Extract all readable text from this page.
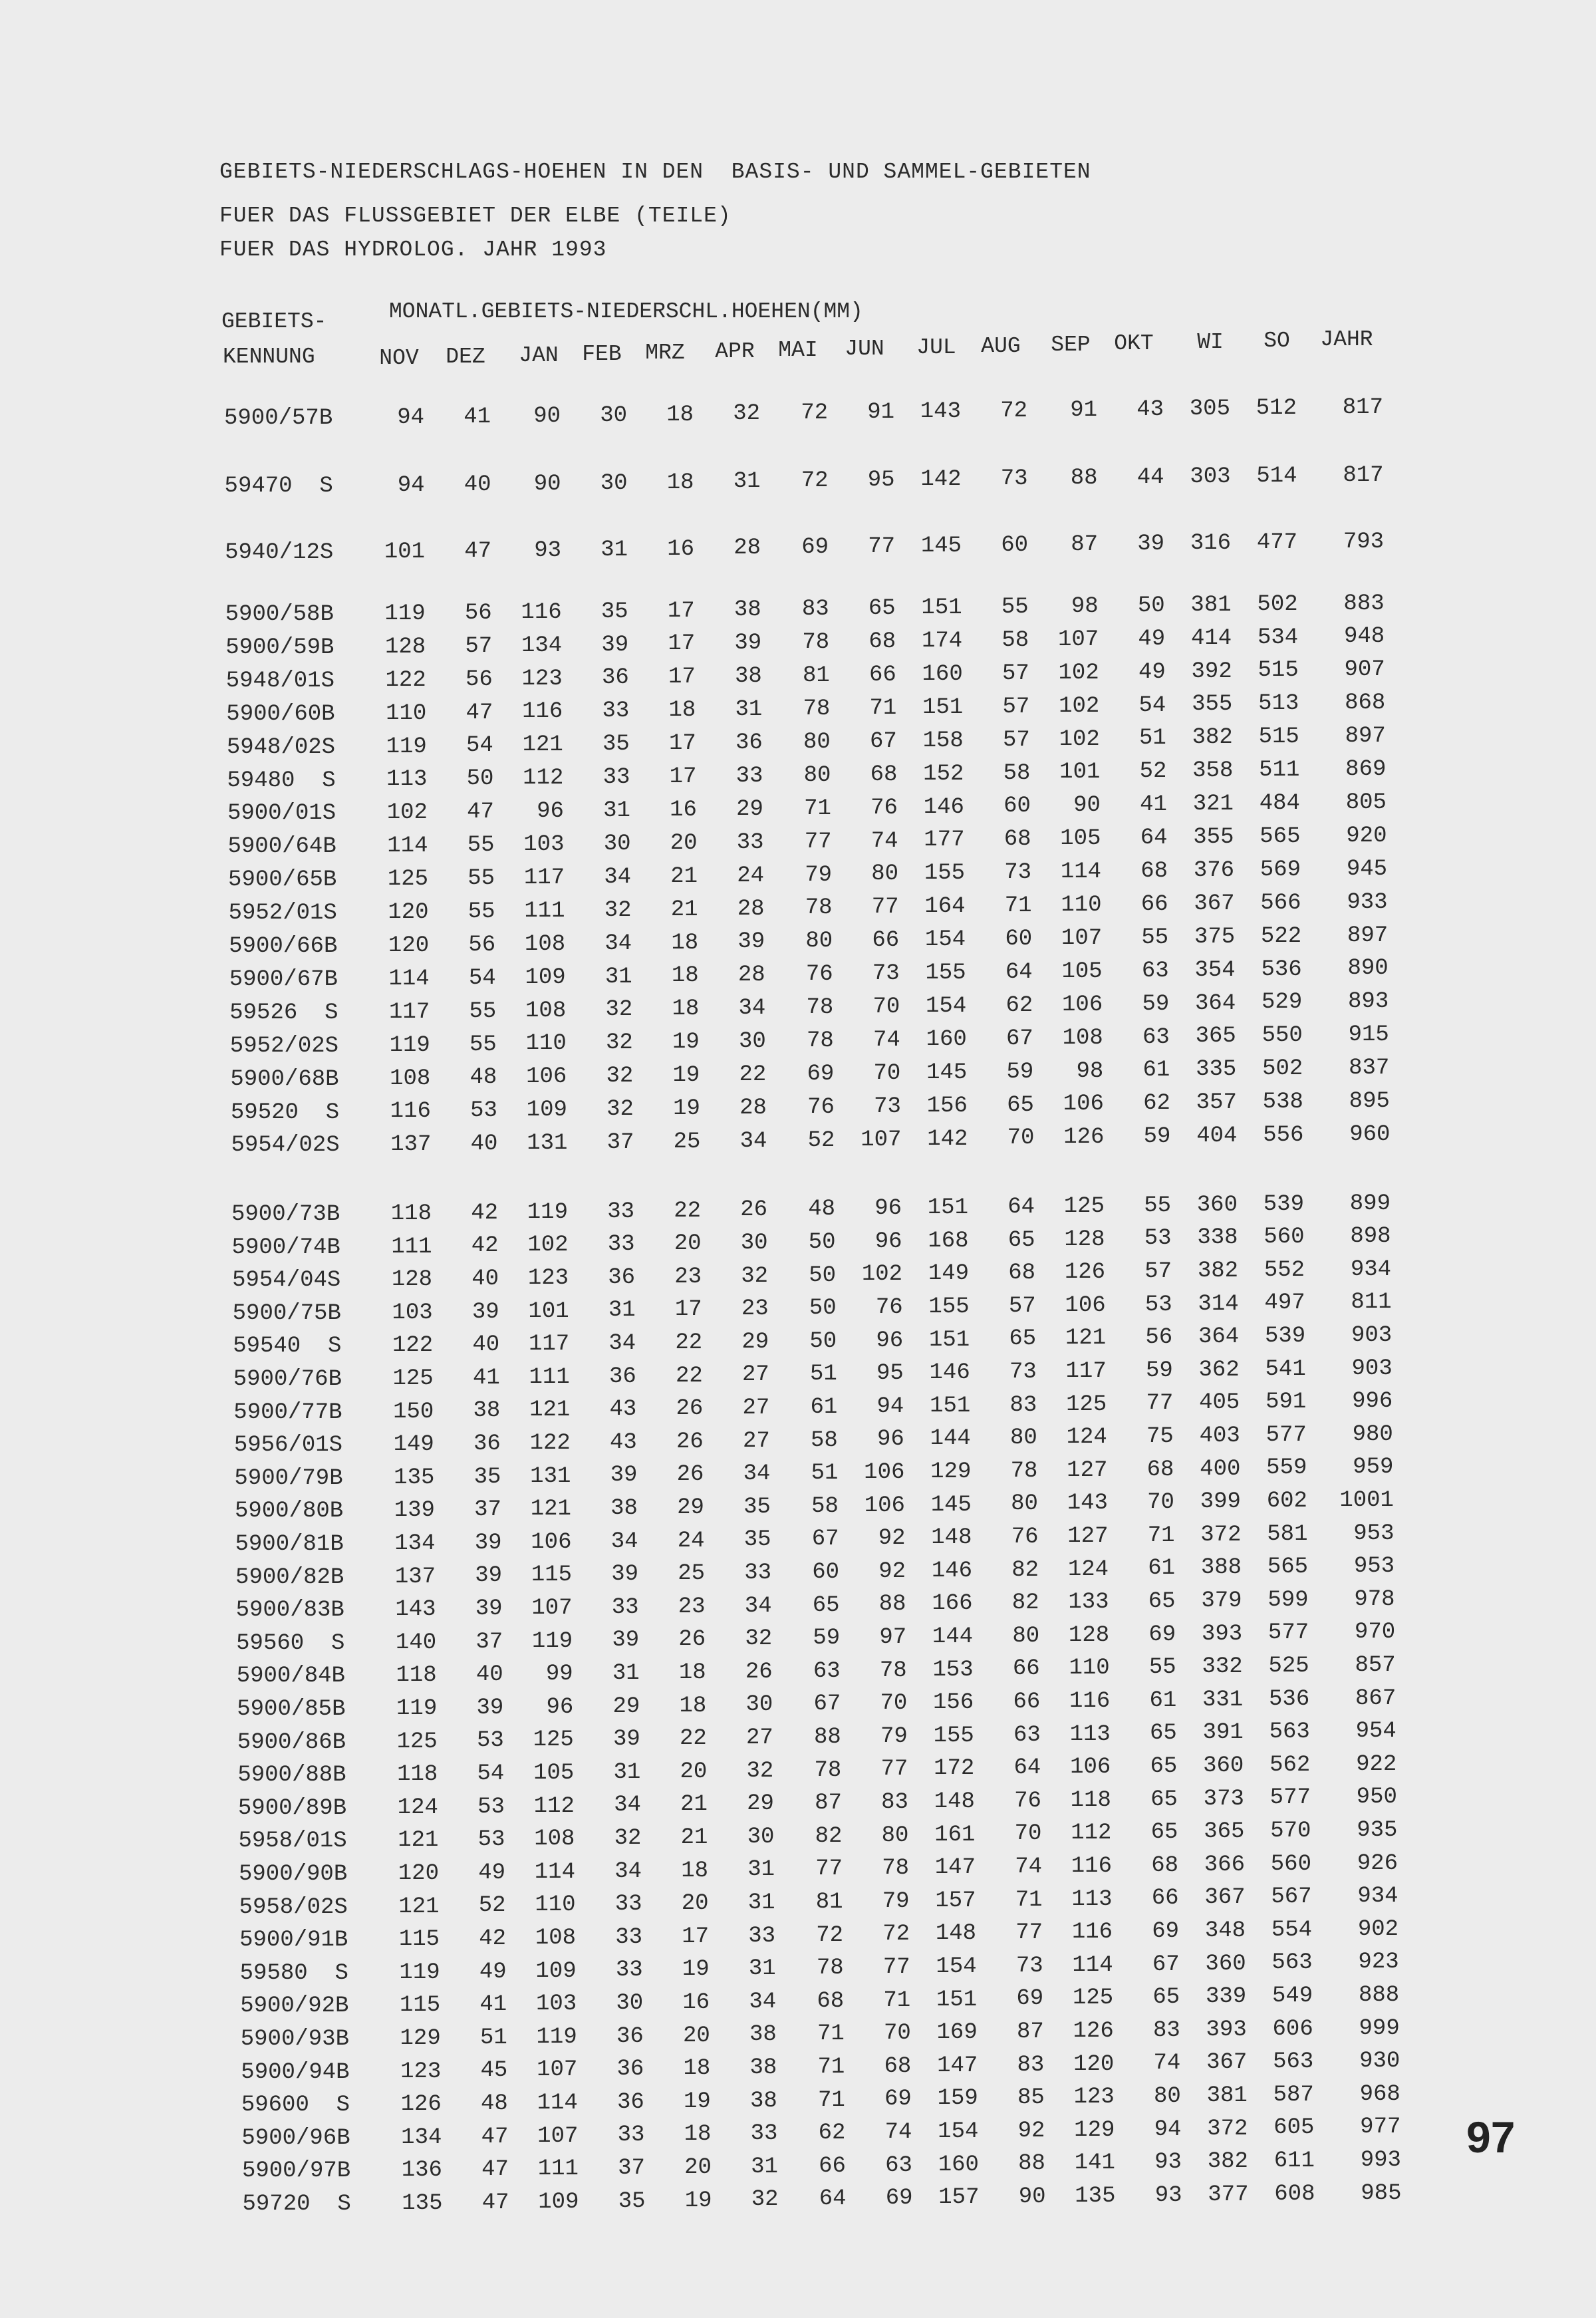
GEBIETS-NIEDERSCHLAGS-HOEHEN IN DEN  BASIS- UND SAMMEL-GEBIETEN
FUER DAS FLUSSGEBIET DER ELBE (TEILE)
FUER DAS HYDROLOG. JAHR 1993
GEBIETS-	MONATL.GEBIETS-NIEDERSCHL.HOEHEN(MM)
KENNUNG	NOV	DEZ	JAN	FEB	MRZ	APR	MAI	JUN	JUL	AUG	SEP	OKT	WI	SO	JAHR
5900/57B	94	41	90	30	18	32	72	91	143	72	91	43	305	512	817
59470  S	94	40	90	30	18	31	72	95	142	73	88	44	303	514	817
5940/12S	101	47	93	31	16	28	69	77	145	60	87	39	316	477	793
5900/58B	119	56	116	35	17	38	83	65	151	55	98	50	381	502	883
5900/59B	128	57	134	39	17	39	78	68	174	58	107	49	414	534	948
5948/01S	122	56	123	36	17	38	81	66	160	57	102	49	392	515	907
5900/60B	110	47	116	33	18	31	78	71	151	57	102	54	355	513	868
5948/02S	119	54	121	35	17	36	80	67	158	57	102	51	382	515	897
59480  S	113	50	112	33	17	33	80	68	152	58	101	52	358	511	869
5900/01S	102	47	96	31	16	29	71	76	146	60	90	41	321	484	805
5900/64B	114	55	103	30	20	33	77	74	177	68	105	64	355	565	920
5900/65B	125	55	117	34	21	24	79	80	155	73	114	68	376	569	945
5952/01S	120	55	111	32	21	28	78	77	164	71	110	66	367	566	933
5900/66B	120	56	108	34	18	39	80	66	154	60	107	55	375	522	897
5900/67B	114	54	109	31	18	28	76	73	155	64	105	63	354	536	890
59526  S	117	55	108	32	18	34	78	70	154	62	106	59	364	529	893
5952/02S	119	55	110	32	19	30	78	74	160	67	108	63	365	550	915
5900/68B	108	48	106	32	19	22	69	70	145	59	98	61	335	502	837
59520  S	116	53	109	32	19	28	76	73	156	65	106	62	357	538	895
5954/02S	137	40	131	37	25	34	52	107	142	70	126	59	404	556	960
5900/73B	118	42	119	33	22	26	48	96	151	64	125	55	360	539	899
5900/74B	111	42	102	33	20	30	50	96	168	65	128	53	338	560	898
5954/04S	128	40	123	36	23	32	50	102	149	68	126	57	382	552	934
5900/75B	103	39	101	31	17	23	50	76	155	57	106	53	314	497	811
59540  S	122	40	117	34	22	29	50	96	151	65	121	56	364	539	903
5900/76B	125	41	111	36	22	27	51	95	146	73	117	59	362	541	903
5900/77B	150	38	121	43	26	27	61	94	151	83	125	77	405	591	996
5956/01S	149	36	122	43	26	27	58	96	144	80	124	75	403	577	980
5900/79B	135	35	131	39	26	34	51	106	129	78	127	68	400	559	959
5900/80B	139	37	121	38	29	35	58	106	145	80	143	70	399	602 1001
5900/81B	134	39	106	34	24	35	67	92	148	76	127	71	372	581	953
5900/82B	137	39	115	39	25	33	60	92	146	82	124	61	388	565	953
5900/83B	143	39	107	33	23	34	65	88	166	82	133	65	379	599	978
59560  S	140	37	119	39	26	32	59	97	144	80	128	69	393	577	970
5900/84B	118	40	99	31	18	26	63	78	153	66	110	55	332	525	857
5900/85B	119	39	96	29	18	30	67	70	156	66	116	61	331	536	867
5900/86B	125	53	125	39	22	27	88	79	155	63	113	65	391	563	954
5900/88B	118	54	105	31	20	32	78	77	172	64	106	65	360	562	922
5900/89B	124	53	112	34	21	29	87	83	148	76	118	65	373	577	950
5958/01S	121	53	108	32	21	30	82	80	161	70	112	65	365	570	935
5900/90B	120	49	114	34	18	31	77	78	147	74	116	68	366	560	926
5958/02S	121	52	110	33	20	31	81	79	157	71	113	66	367	567	934
5900/91B	115	42	108	33	17	33	72	72	148	77	116	69	348	554	902
59580  S	119	49	109	33	19	31	78	77	154	73	114	67	360	563	923
5900/92B	115	41	103	30	16	34	68	71	151	69	125	65	339	549	888
5900/93B	129	51	119	36	20	38	71	70	169	87	126	83	393	606	999
5900/94B	123	45	107	36	18	38	71	68	147	83	120	74	367	563	930
59600  S	126	48	114	36	19	38	71	69	159	85	123	80	381	587	968
5900/96B	134	47	107	33	18	33	62	74	154	92	129	94	372	605	977
5900/97B	136	47	111	37	20	31	66	63	160	88	141	93	382	611	993
59720  S	135	47	109	35	19	32	64	69	157	90	135	93	377	608	985
97
